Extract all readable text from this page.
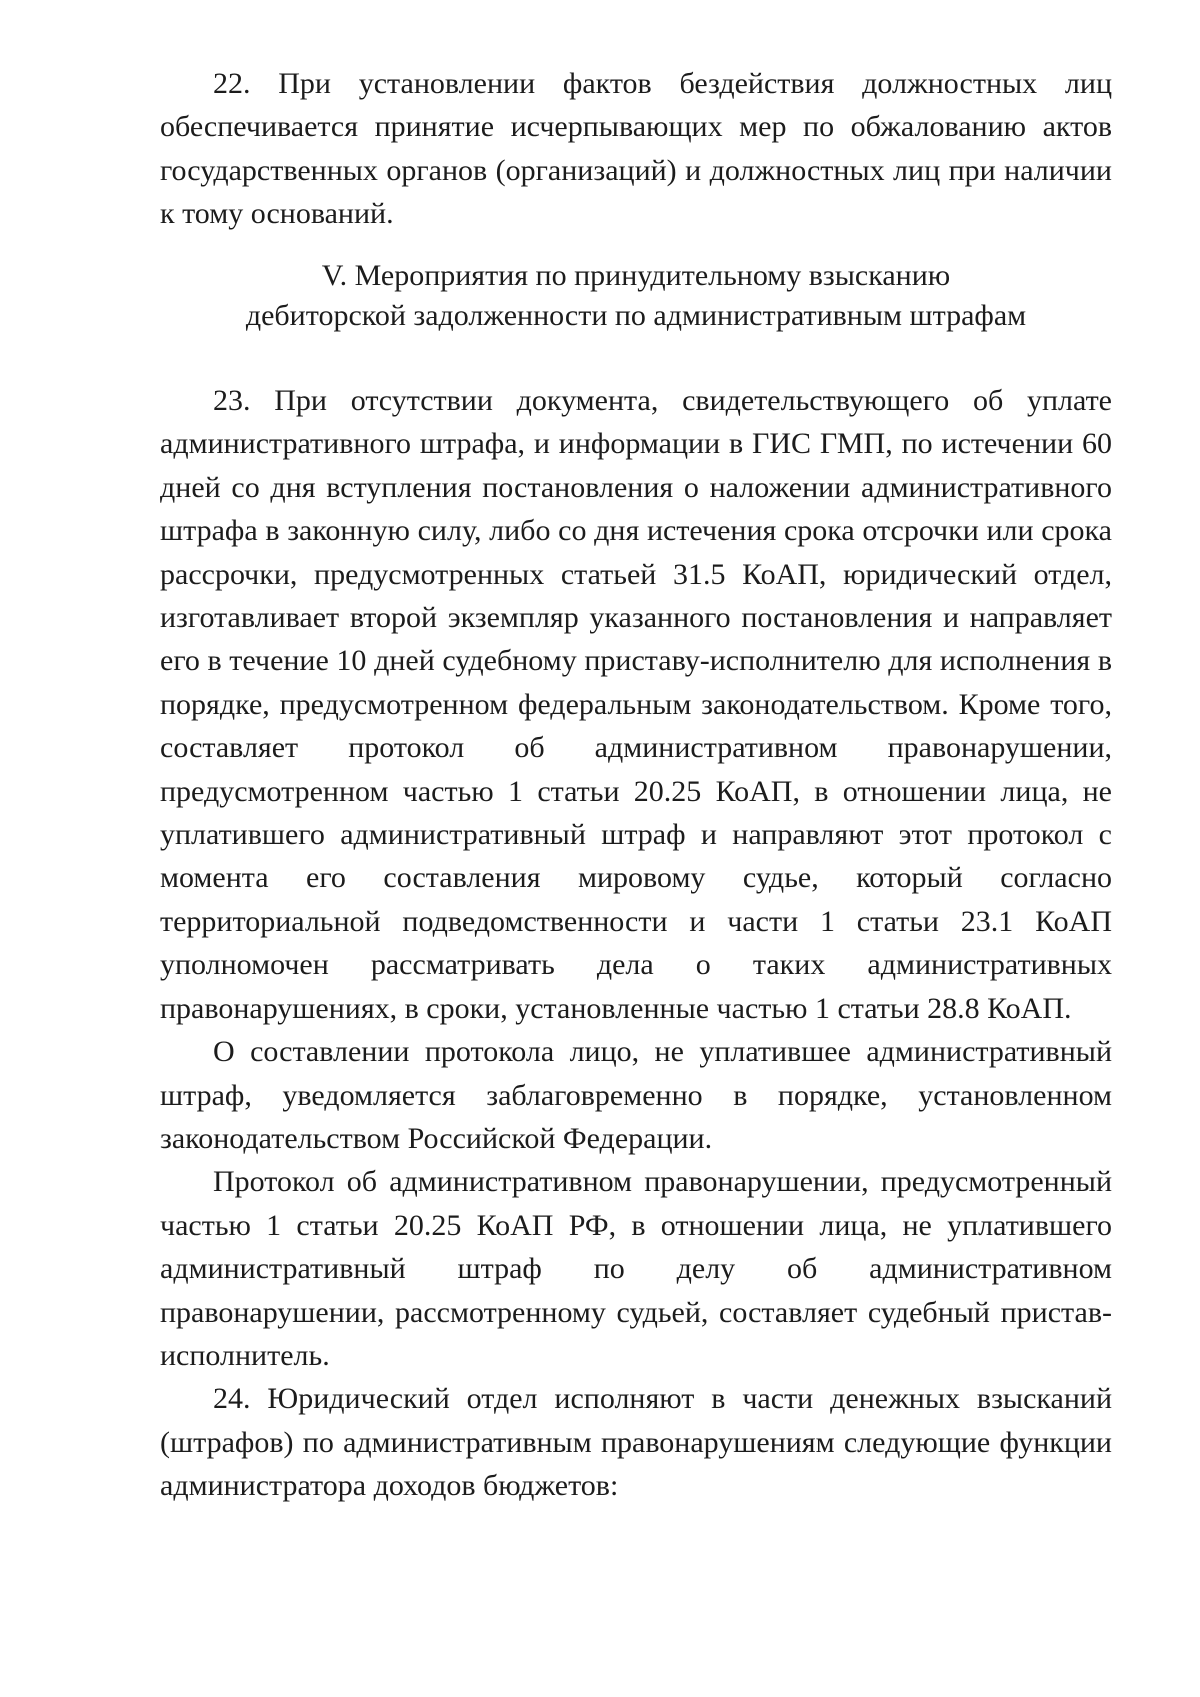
22. При установлении фактов бездействия должностных лиц обеспечивается принятие исчерпывающих мер по обжалованию актов государственных органов (организаций) и должностных лиц при наличии к тому оснований.

V. Мероприятия по принудительному взысканию
дебиторской задолженности по административным штрафам

23. При отсутствии документа, свидетельствующего об уплате административного штрафа, и информации в ГИС ГМП, по истечении 60 дней со дня вступления постановления о наложении административного штрафа в законную силу, либо со дня истечения срока отсрочки или срока рассрочки, предусмотренных статьей 31.5 КоАП, юридический отдел, изготавливает второй экземпляр указанного постановления и направляет его в течение 10 дней судебному приставу-исполнителю для исполнения в порядке, предусмотренном федеральным законодательством. Кроме того, составляет протокол об административном правонарушении, предусмотренном частью 1 статьи 20.25 КоАП, в отношении лица, не уплатившего административный штраф и направляют этот протокол с момента его составления мировому судье, который согласно территориальной подведомственности и части 1 статьи 23.1 КоАП уполномочен рассматривать дела о таких административных правонарушениях, в сроки, установленные частью 1 статьи 28.8 КоАП.

О составлении протокола лицо, не уплатившее административный штраф, уведомляется заблаговременно в порядке, установленном законодательством Российской Федерации.

Протокол об административном правонарушении, предусмотренный частью 1 статьи 20.25 КоАП РФ, в отношении лица, не уплатившего административный штраф по делу об административном правонарушении, рассмотренному судьей, составляет судебный пристав-исполнитель.

24. Юридический отдел исполняют в части денежных взысканий (штрафов) по административным правонарушениям следующие функции администратора доходов бюджетов:
